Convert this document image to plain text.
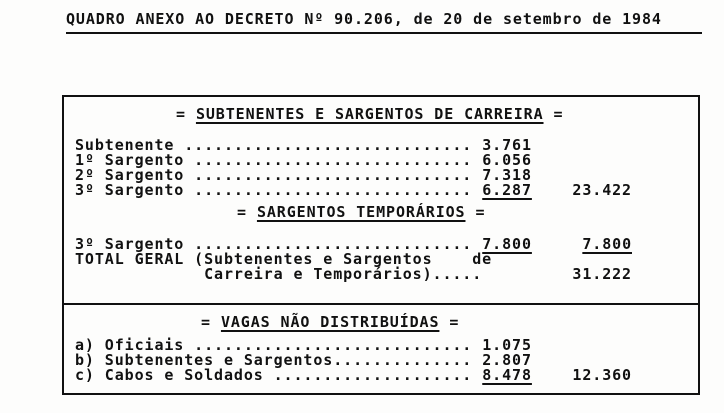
QUADRO ANEXO AO DECRETO Nº 90.206, de 20 de setembro de 1984
= SUBTENENTES E SARGENTOS DE CARREIRA =
Subtenente ............................. 3.761
1º Sargento ............................ 6.056
2º Sargento ............................ 7.318
3º Sargento ............................ 6.287	23.422
= SARGENTOS TEMPORÁRIOS =
3º Sargento ............................ 7.800	7.800
TOTAL GERAL (Subtenentes e Sargentos    de
Carreira e Temporários).....	31.222
= VAGAS NÃO DISTRIBUÍDAS =
a) Oficiais ............................ 1.075
b) Subtenentes e Sargentos .............. 2.807
c) Cabos e Soldados .................... 8.478	12.360
